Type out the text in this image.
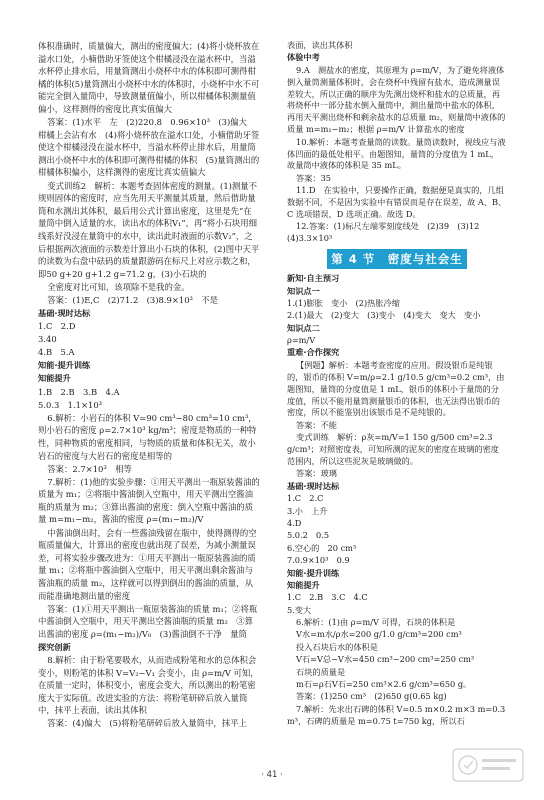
体积准确时，质量偏大，测出的密度偏大；(4)将小烧杯放在溢水口处，小楠借助牙签使这个柑橘浸没在溢水杯中，当溢水杯停止排水后，用量筒测出小烧杯中水的体积即可测得柑橘的体积(5)量筒测出小烧杯中水的体积时，小烧杯中水不可能完全倒入量筒中，导致测量值偏小，所以柑橘体积测量值偏小，这样测得的密度比真实值偏大

答案：(1)水平　左　(2)220.8　0.96×10³　(3)偏大　柑橘上会沾有水　(4)将小烧杯放在溢水口处，小楠借助牙签使这个柑橘浸没在溢水杯中，当溢水杯停止排水后，用量筒测出小烧杯中水的体积即可测得柑橘的体积　(5)量筒测出的柑橘体积偏小，这样测得的密度比真实值偏大

变式训练2　解析：本题考查固体密度的测量。(1)测量不规则固体的密度时，应当先用天平测量其质量，然后借助量筒和水测出其体积，最后用公式计算出密度，这里是先“在量筒中倒入适量的水，读出水的体积V₁”，再“将小石块用细线系好没浸在量筒中的水中，读出此时液面的示数V₂”，之后根据两次液面的示数差计算出小石块的体积，(2)图中天平的读数为右盘中砝码的质量跟游码在标尺上对应示数之和，即50 g+20 g+1.2 g=71.2 g，(3)小石块的

全密度对比可知，该项除不是我的金。

答案：(1)E,C　(2)71.2　(3)8.9×10³　不是

基础·现时达标

1.C　2.D

3.40

4.B　5.A

知能·提升训练

知能提升

1.B　2.B　3.B　4.A

5.0.3　1.1×10³

6.解析：小岩石的体积 V=90 cm³−80 cm³=10 cm³，则小岩石的密度 ρ=2.7×10³ kg/m³；密度是物质的一种特性，同种物质的密度相同，与物质的质量和体积无关，故小岩石的密度与大岩石的密度是相等的

答案：2.7×10³　相等

7.解析：(1)他的实验步骤：①用天平测出一瓶原装酱油的质量为 m₁；②将瓶中酱油倒入空瓶中，用天平测出空酱油瓶的质量为 m₂；③算出酱油的密度：倒入空瓶中酱油的质量 m=m₁−m₂，酱油的密度 ρ=(m₁−m₂)/V

中酱油倒出时，会有一些酱油残留在瓶中，使得测得的空瓶质量偏大，计算出的密度也就出现了误差，为减小测量误差，可将实验步骤改进为：①用天平测出一瓶原装酱油的质量 m₁；②将瓶中酱油倒入空瓶中，用天平测出剩余酱油与酱油瓶的质量 m₂，这样就可以得到倒出的酱油的质量，从而能准确地测出量的密度

答案：(1)①用天平测出一瓶原装酱油的质量 m₁；②将瓶中酱油倒入空瓶中，用天平测出空酱油瓶的质量 m₂　③算出酱油的密度 ρ=(m₁−m₂)/V₀　(3)酱油倒不干净　量筒

探究创新

8.解析：由于粉笔要吸水，从而造成粉笔和水的总体积会变小，则粉笔的体积 V=V₂−V₁ 会变小，由 ρ=m/V 可知，在质量一定时，体积变小，密度会变大，所以测出的粉笔密度大于实际值。改进实验的方法：将粉笔研碎后放入量筒中，抹平上表面，读出其体积

答案：(4)偏大　(5)将粉笔研碎后放入量筒中，抹平上

表面，读出其体积

体验中考

9.A　测盐水的密度，其原理为 ρ=m/V，为了避免将液体倒入量筒测量体积时，会在烧杯中残留有盐水，造成测量误差较大，所以正确的顺序为先测出烧杯和盐水的总质量，再将烧杯中一部分盐水倒入量筒中，测出量筒中盐水的体积，再用天平测出烧杯和剩余盐水的总质量 m₂，则量筒中液体的质量 m=m₁−m₂；根据 ρ=m/V 计算盐水的密度

10.解析：本题考查量筒的读数。量筒读数时，视线应与液体凹面的最低处相平。由题图知，量筒的分度值为 1 mL，故量筒中液体的体积是 35 mL。

答案：35

11.D　在实验中，只要操作正确，数据便是真实的，几组数据不同，不是因为实验中有错误而是存在误差，故 A、B、C 选项错误，D 选项正确。故选 D。

12.答案：(1)标尺左端零刻度线处　(2)39　(3)12　(4)3.3×10³

第 4 节　密度与社会生活

新知·自主预习

知识点一

1.(1)膨胀　变小　(2)热胀冷缩

2.(1)最大　(2)变大　(3)变小　(4)变大　变大　变小

知识点二

ρ=m/V

重难·合作探究

【例题】解析：本题考查密度的应用。假设银币是纯银的，银币的体积 V=m/ρ=2.1 g/10.5 g/cm³=0.2 cm³，由题图知，量筒的分度值是 1 mL，银币的体积小于量筒的分度值，所以不能用量筒测量银币的体积，也无法得出银币的密度，所以不能鉴别出该银币是不是纯银的。

答案：不能

变式训练　解析：ρ灰=m/V=1 150 g/500 cm³=2.3 g/cm³；对照密度表，可知所测的泥灰的密度在玻璃的密度范围内，所以这些泥灰是玻璃做的。

答案：玻璃

基础·现时达标

1.C　2.C

3.小　上升

4.D

5.0.2　0.5

6.空心的　20 cm³

7.0.9×10³　0.9

知能·提升训练

知能提升

1.C　2.B　3.C　4.C

5.变大

6.解析：(1)由 ρ=m/V 可得，石块的体积是

V水=m水/ρ水=200 g/1.0 g/cm³=200 cm³

投入石块后水的体积是

V石=V总−V水=450 cm³−200 cm³=250 cm³

石块的质量是

m石=ρ石V石=250 cm³×2.6 g/cm³=650 g。

答案：(1)250 cm³　(2)650 g(0.65 kg)

7.解析：先求出石碑的体积 V=0.5 m×0.2 m×3 m=0.3 m³，石碑的质量是 m=0.75 t=750 kg，所以石

· 41 ·
